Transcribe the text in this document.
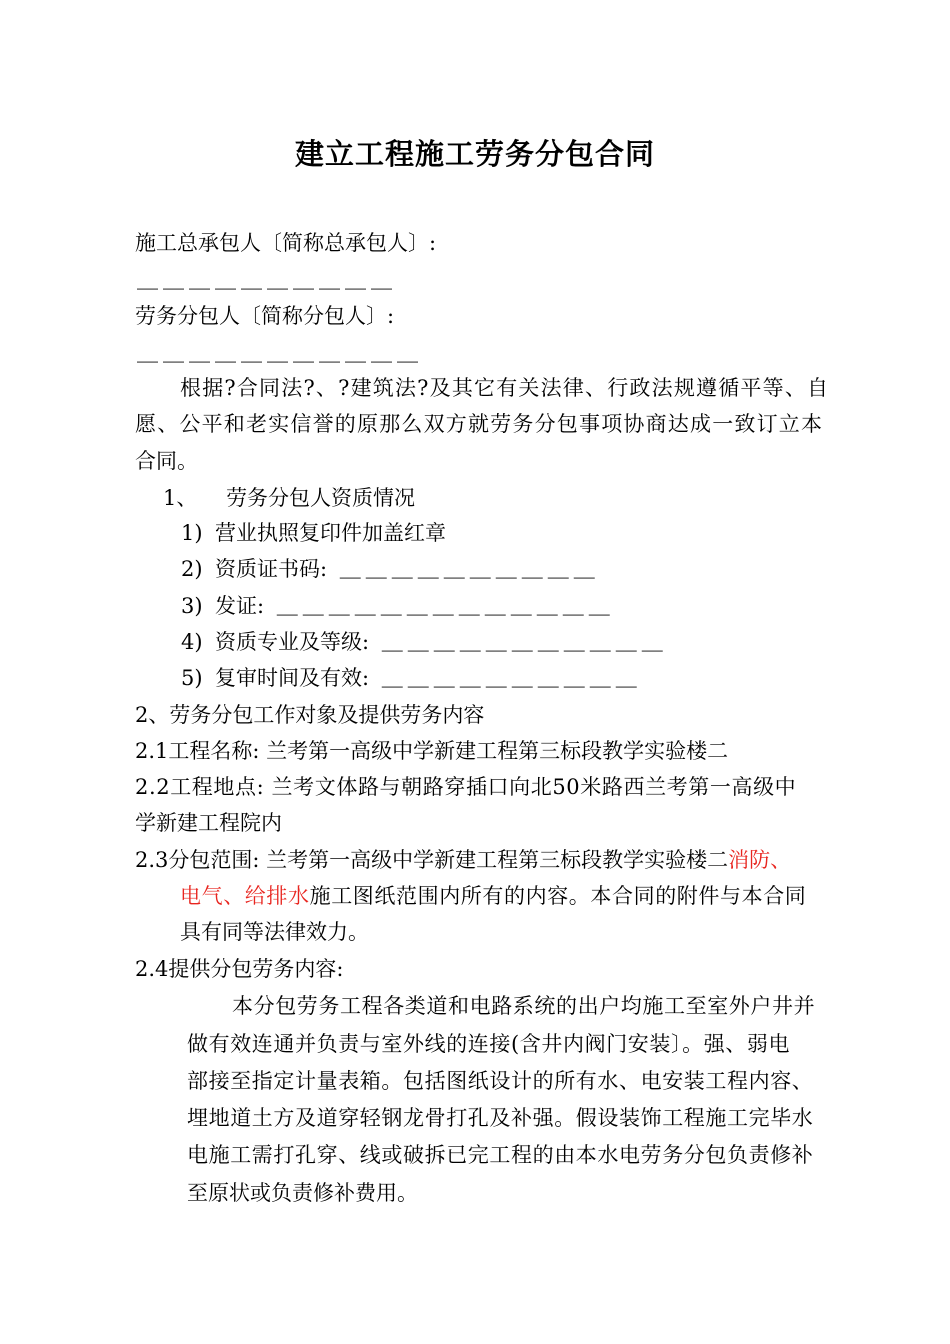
建立工程施工劳务分包合同
施工总承包人〔简称总承包人〕:
＿＿＿＿＿＿＿＿＿＿
劳务分包人〔简称分包人〕:
＿＿＿＿＿＿＿＿＿＿＿
根据?合同法?、?建筑法?及其它有关法律、行政法规遵循平等、自
愿、公平和老实信誉的原那么双方就劳务分包事项协商达成一致订立本
合同。
1、 劳务分包人资质情况
1) 营业执照复印件加盖红章
2) 资质证书码: ＿＿＿＿＿＿＿＿＿＿
3) 发证: ＿＿＿＿＿＿＿＿＿＿＿＿＿
4) 资质专业及等级: ＿＿＿＿＿＿＿＿＿＿＿
5) 复审时间及有效: ＿＿＿＿＿＿＿＿＿＿
2、劳务分包工作对象及提供劳务内容
2.1工程名称: 兰考第一高级中学新建工程第三标段教学实验楼二
2.2工程地点: 兰考文体路与朝路穿插口向北50米路西兰考第一高级中
学新建工程院内
2.3分包范围: 兰考第一高级中学新建工程第三标段教学实验楼二消防、
电气、给排水施工图纸范围内所有的内容。本合同的附件与本合同
具有同等法律效力。
2.4提供分包劳务内容:
本分包劳务工程各类道和电路系统的出户均施工至室外户井并
做有效连通并负责与室外线的连接(含井内阀门安装〕。强、弱电
部接至指定计量表箱。包括图纸设计的所有水、电安装工程内容、
埋地道土方及道穿轻钢龙骨打孔及补强。假设装饰工程施工完毕水
电施工需打孔穿、线或破拆已完工程的由本水电劳务分包负责修补
至原状或负责修补费用。
